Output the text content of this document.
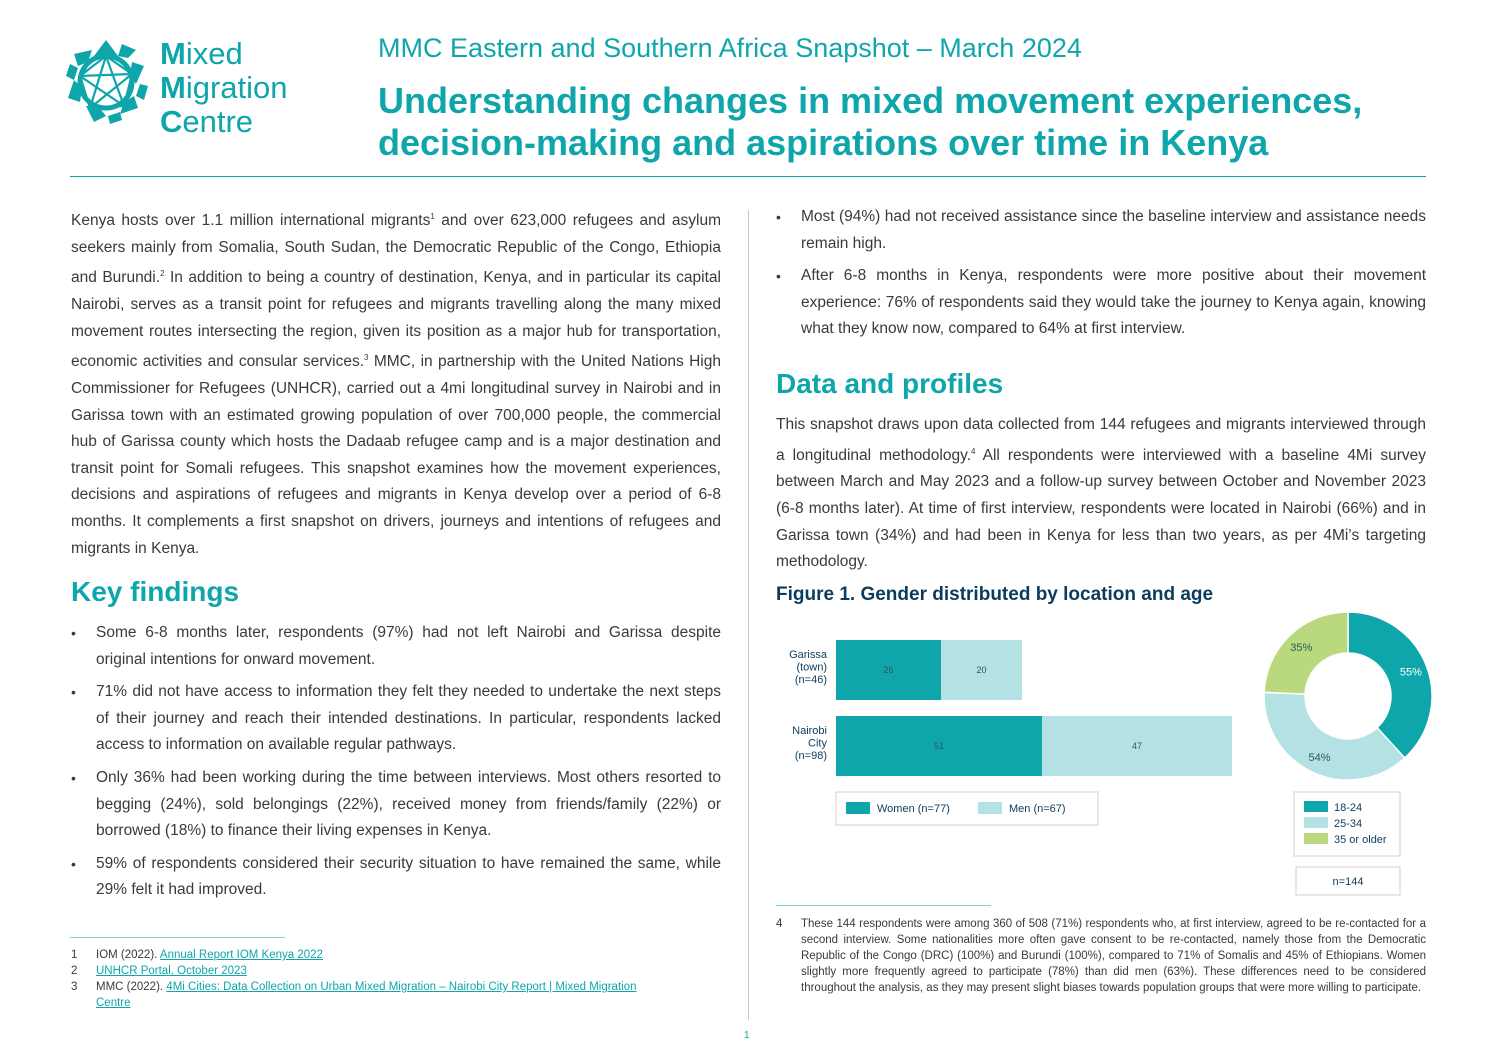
Mixed
Migration
Centre
MMC Eastern and Southern Africa Snapshot – March 2024
Understanding changes in mixed movement experiences, decision-making and aspirations over time in Kenya
Kenya hosts over 1.1 million international migrants$^1$ and over 623,000 refugees and asylum seekers mainly from Somalia, South Sudan, the Democratic Republic of the Congo, Ethiopia and Burundi.$^2$ In addition to being a country of destination, Kenya, and in particular its capital Nairobi, serves as a transit point for refugees and migrants travelling along the many mixed movement routes intersecting the region, given its position as a major hub for transportation, economic activities and consular services.$^3$ MMC, in partnership with the United Nations High Commissioner for Refugees (UNHCR), carried out a 4mi longitudinal survey in Nairobi and in Garissa town with an estimated growing population of over 700,000 people, the commercial hub of Garissa county which hosts the Dadaab refugee camp and is a major destination and transit point for Somali refugees. This snapshot examines how the movement experiences, decisions and aspirations of refugees and migrants in Kenya develop over a period of 6-8 months. It complements a first snapshot on drivers, journeys and intentions of refugees and migrants in Kenya.
Key findings
• Some 6-8 months later, respondents (97%) had not left Nairobi and Garissa despite original intentions for onward movement.
• 71% did not have access to information they felt they needed to undertake the next steps of their journey and reach their intended destinations. In particular, respondents lacked access to information on available regular pathways.
• Only 36% had been working during the time between interviews. Most others resorted to begging (24%), sold belongings (22%), received money from friends/family (22%) or borrowed (18%) to finance their living expenses in Kenya.
• 59% of respondents considered their security situation to have remained the same, while 29% felt it had improved.
• Most (94%) had not received assistance since the baseline interview and assistance needs remain high.
• After 6-8 months in Kenya, respondents were more positive about their movement experience: 76% of respondents said they would take the journey to Kenya again, knowing what they know now, compared to 64% at first interview.
Data and profiles
This snapshot draws upon data collected from 144 refugees and migrants interviewed through a longitudinal methodology.$^4$ All respondents were interviewed with a baseline 4Mi survey between March and May 2023 and a follow-up survey between October and November 2023 (6-8 months later). At time of first interview, respondents were located in Nairobi (66%) and in Garissa town (34%) and had been in Kenya for less than two years, as per 4Mi’s targeting methodology.
Figure 1. Gender distributed by location and age
Garissa
(town)
(n=46)
26	20
Nairobi
City
(n=98)
51	47
Women (n=77)	Men (n=67)
55%
54%
35%
18-24
25-34
35 or older
n=144
1 IOM (2022). Annual Report IOM Kenya 2022
2 UNHCR Portal, October 2023
3 MMC (2022). 4Mi Cities: Data Collection on Urban Mixed Migration – Nairobi City Report | Mixed Migration
Centre
4 These 144 respondents were among 360 of 508 (71%) respondents who, at first interview, agreed to be re-contacted for a second interview. Some nationalities more often gave consent to be re-contacted, namely those from the Democratic Republic of the Congo (DRC) (100%) and Burundi (100%), compared to 71% of Somalis and 45% of Ethiopians. Women slightly more frequently agreed to participate (78%) than did men (63%). These differences need to be considered throughout the analysis, as they may present slight biases towards population groups that were more willing to participate.
1
